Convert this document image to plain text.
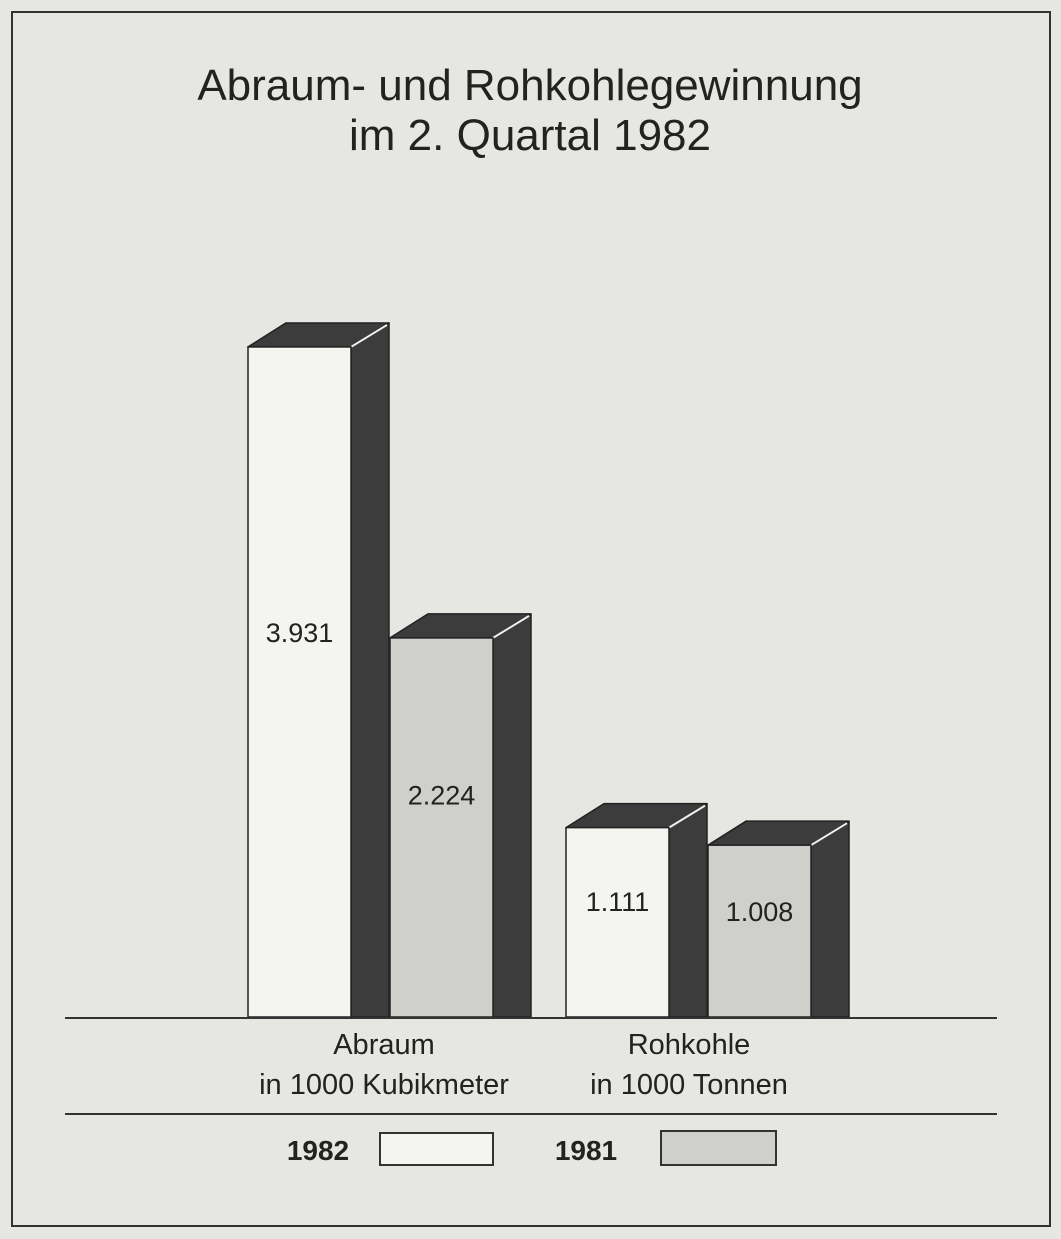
Abraum- und Rohkohlegewinnung
im 2. Quartal 1982
3.931
2.224
1.111	1.008
Abraum
in 1000 Kubikmeter
Rohkohle
in 1000 Tonnen
1982	1981
